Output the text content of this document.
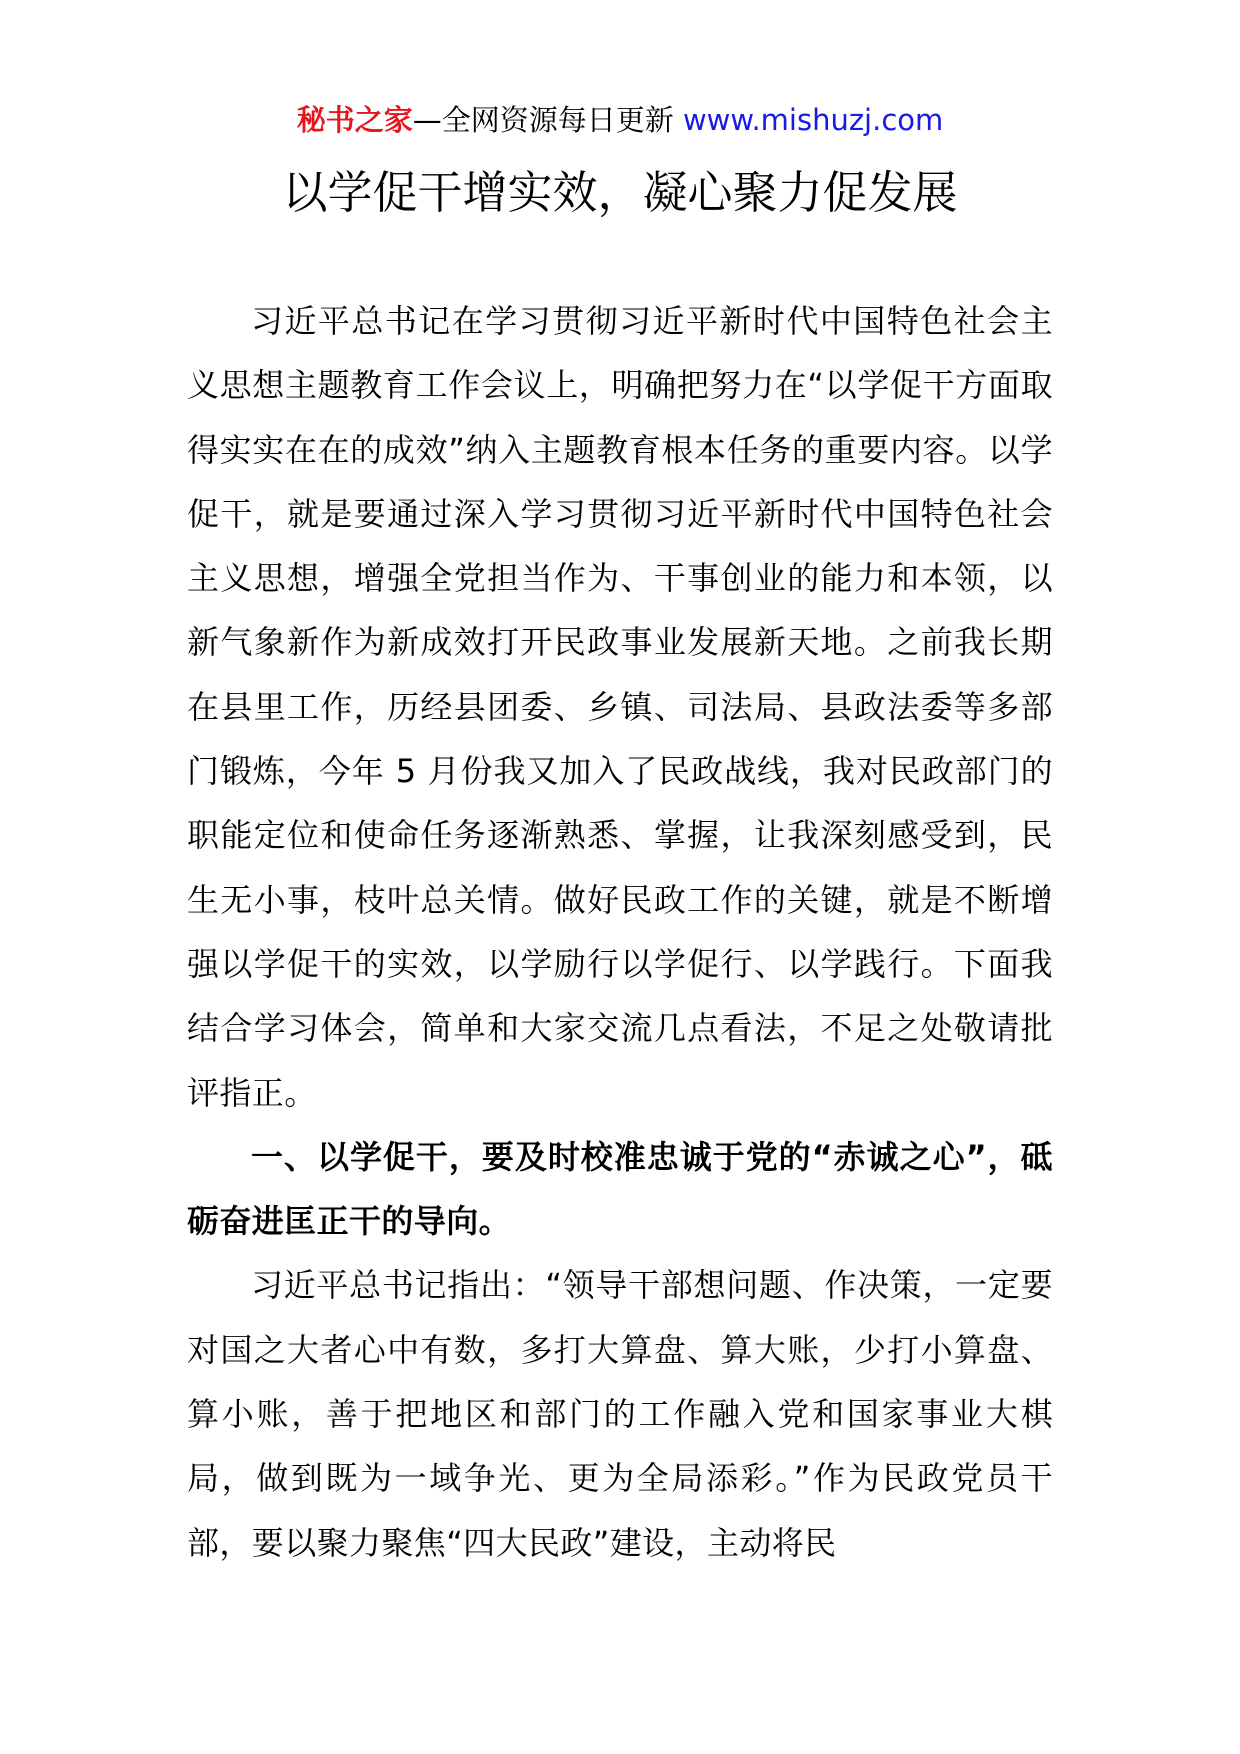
秘书之家—全网资源每日更新 www.mishuzj.com
以学促干增实效，凝心聚力促发展

习近平总书记在学习贯彻习近平新时代中国特色社会主义思想主题教育工作会议上，明确把努力在“以学促干方面取得实实在在的成效”纳入主题教育根本任务的重要内容。以学促干，就是要通过深入学习贯彻习近平新时代中国特色社会主义思想，增强全党担当作为、干事创业的能力和本领，以新气象新作为新成效打开民政事业发展新天地。之前我长期在县里工作，历经县团委、乡镇、司法局、县政法委等多部门锻炼，今年 5 月份我又加入了民政战线，我对民政部门的职能定位和使命任务逐渐熟悉、掌握，让我深刻感受到，民生无小事，枝叶总关情。做好民政工作的关键，就是不断增强以学促干的实效，以学励行以学促行、以学践行。下面我结合学习体会，简单和大家交流几点看法，不足之处敬请批评指正。

一、以学促干，要及时校准忠诚于党的“赤诚之心”，砥砺奋进匡正干的导向。

习近平总书记指出：“领导干部想问题、作决策，一定要对国之大者心中有数，多打大算盘、算大账，少打小算盘、算小账，善于把地区和部门的工作融入党和国家事业大棋局，做到既为一域争光、更为全局添彩。”作为民政党员干部，要以聚力聚焦“四大民政”建设，主动将民
